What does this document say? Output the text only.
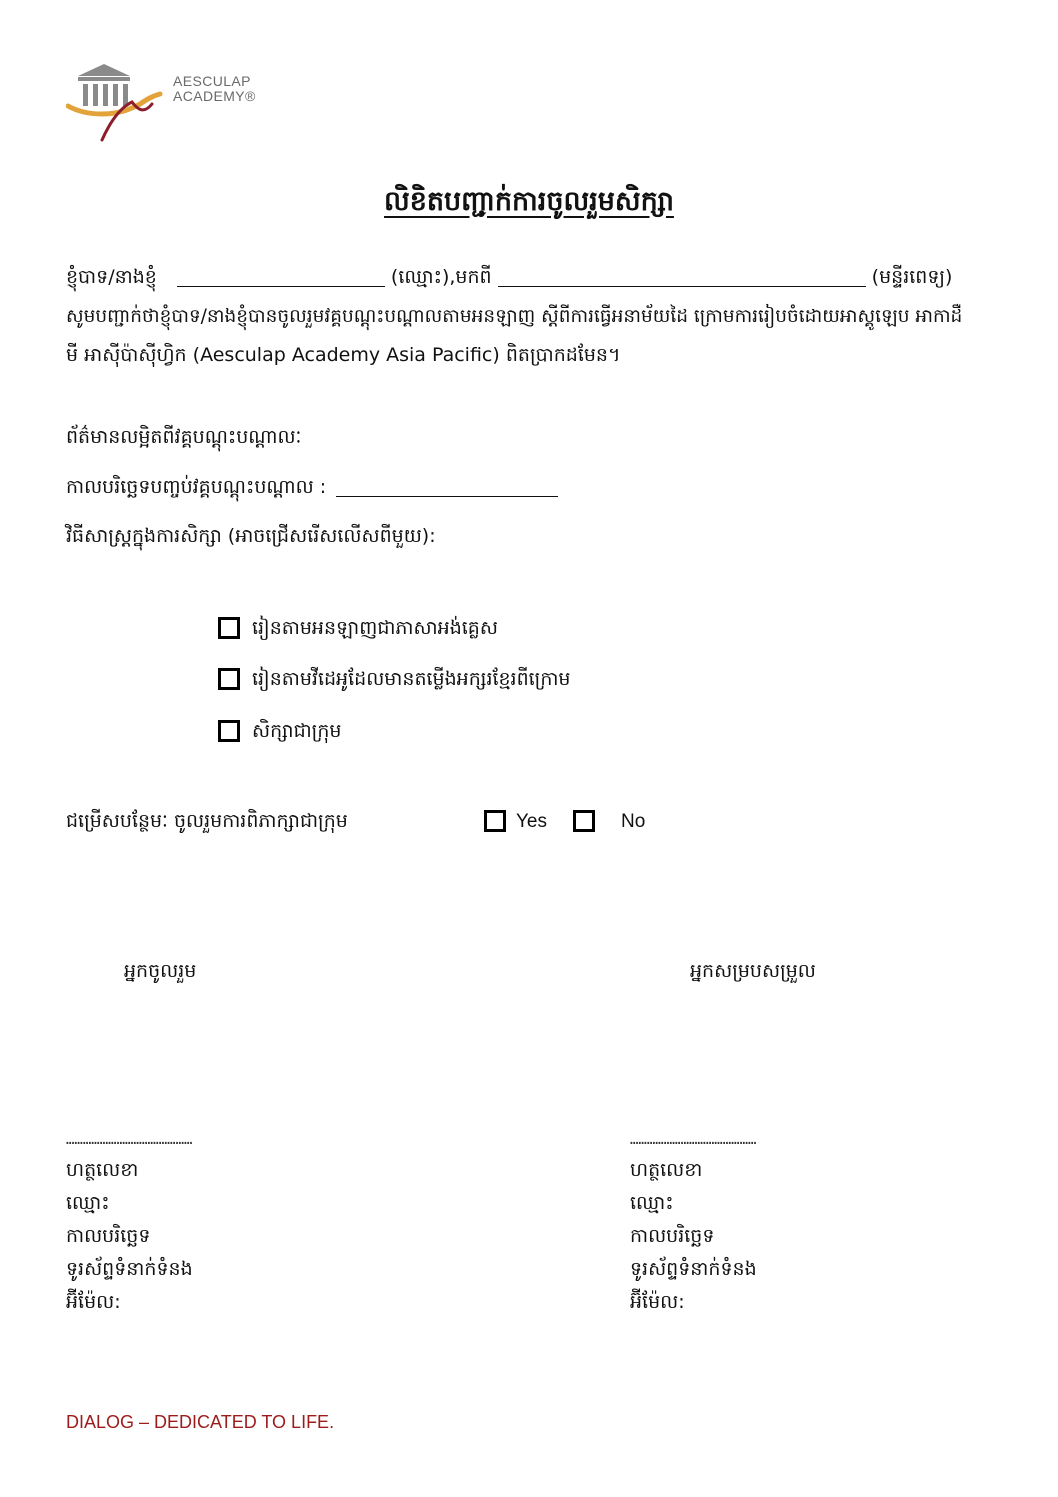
AESCULAP
ACADEMY®
លិខិតបញ្ជាក់ការចូលរួមសិក្សា
ខ្ញុំបាទ/នាងខ្ញុំ	(ឈ្មោះ),មកពី	(មន្ទីរពេទ្យ)
សូមបញ្ជាក់ថាខ្ញុំបាទ/នាងខ្ញុំបានចូលរួមវគ្គបណ្ដុះបណ្ដាលតាមអនឡាញ ស្ដីពីការធ្វើអនាម័យដៃ ក្រោមការរៀបចំដោយអាស្គូឡេប អាកាដឺ
មី អាស៊ីប៉ាស៊ីហ្វិក (Aesculap Academy Asia Pacific) ពិតប្រាកដមែន។
ព័ត៌មានលម្អិតពីវគ្គបណ្ដុះបណ្ដាលៈ
កាលបរិច្ឆេទបញ្ចប់វគ្គបណ្ដុះបណ្ដាល :
វិធីសាស្ត្រក្នុងការសិក្សា (អាចជ្រើសរើសលើសពីមួយ):
រៀនតាមអនឡាញជាភាសាអង់គ្លេស
រៀនតាមវីដេអូដែលមានតម្លើងអក្សរខ្មែរពីក្រោម
សិក្សាជាក្រុម
ជម្រើសបន្ថែមៈ ចូលរួមការពិភាក្សាជាក្រុម	Yes	No
អ្នកចូលរួម	អ្នកសម្របសម្រួល
………………………………………
ហត្ថលេខា
ឈ្មោះ
កាលបរិច្ឆេទ
ទូរស័ព្ទទំនាក់ទំនង
អ៊ីម៉ែល:
………………………………………
ហត្ថលេខា
ឈ្មោះ
កាលបរិច្ឆេទ
ទូរស័ព្ទទំនាក់ទំនង
អ៊ីម៉ែល:
DIALOG – DEDICATED TO LIFE.
